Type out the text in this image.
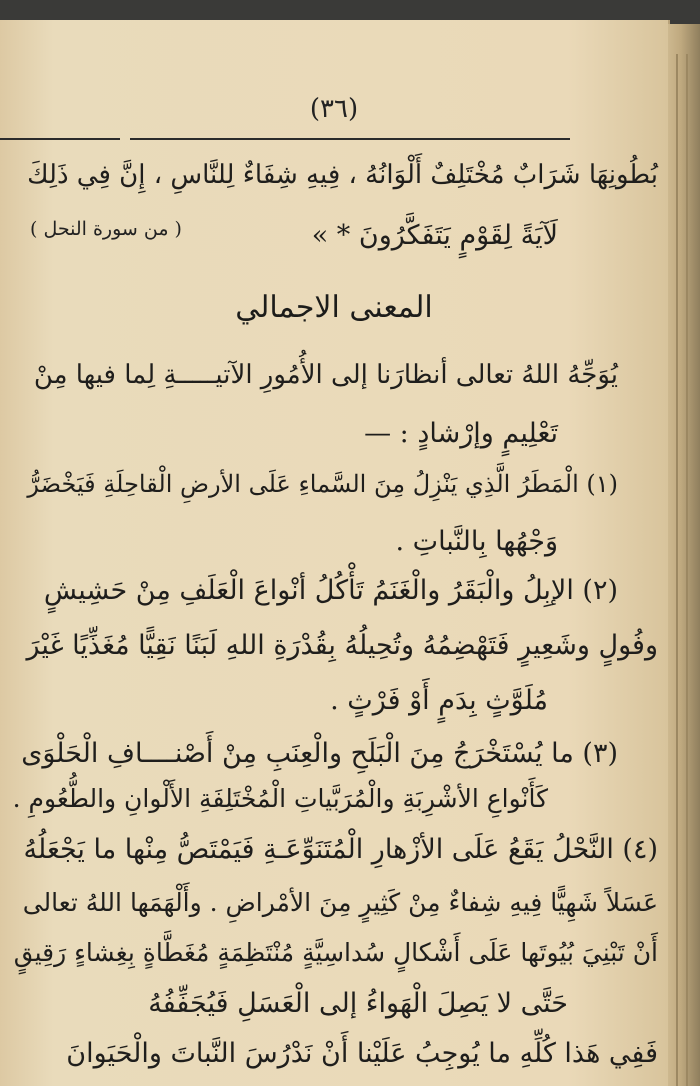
(٣٦)
بُطُونِهَا شَرَابٌ مُخْتَلِفٌ أَلْوَانُهُ ، فِيهِ شِفَاءٌ لِلنَّاسِ ، إِنَّ فِي ذَلِكَ
لَآيَةً لِقَوْمٍ يَتَفَكَّرُونَ * »
( من سورة النحل )
المعنى الاجمالي
يُوَجِّهُ اللهُ تعالى أنظارَنا إلى الأُمُورِ الآتيـــــةِ لِما فيها مِنْ
تَعْلِيمٍ وإرْشادٍ : —
(١) الْمَطَرُ الَّذِي يَنْزِلُ مِنَ السَّماءِ عَلَى الأرضِ الْقاحِلَةِ فَيَخْضَرُّ
وَجْهُها بِالنَّباتِ .
(٢) الإبِلُ والْبَقَرُ والْغَنَمُ تَأْكُلُ أنْواعَ الْعَلَفِ مِنْ حَشِيشٍ
وفُولٍ وشَعِيرٍ فَتَهْضِمُهُ وتُحِيلُهُ بِقُدْرَةِ اللهِ لَبَنًا نَقِيًّا مُغَذِّيًا غَيْرَ
مُلَوَّثٍ بِدَمٍ أَوْ فَرْثٍ .
(٣) ما يُسْتَخْرَجُ مِنَ الْبَلَحِ والْعِنَبِ مِنْ أَصْنــــافِ الْحَلْوَى
كَأَنْواعِ الأشْرِبَةِ والْمُرَبَّياتِ الْمُخْتَلِفَةِ الأَلْوانِ والطُّعُومِ .
(٤) النَّحْلُ يَقَعُ عَلَى الأزْهارِ الْمُتَنَوِّعَـةِ فَيَمْتَصُّ مِنْها ما يَجْعَلُهُ
عَسَلاً شَهِيًّا فِيهِ شِفاءٌ مِنْ كَثِيرٍ مِنَ الأمْراضِ . وأَلْهَمَها اللهُ تعالى
أَنْ تَبْنِيَ بُيُوتَها عَلَى أَشْكالٍ سُداسِيَّةٍ مُنْتَظِمَةٍ مُغَطَّاةٍ بِغِشاءٍ رَقِيقٍ
حَتَّى لا يَصِلَ الْهَواءُ إلى الْعَسَلِ فَيُجَفِّفُهُ
فَفِي هَذا كُلِّهِ ما يُوجِبُ عَلَيْنا أَنْ نَدْرُسَ النَّباتَ والْحَيَوانَ
